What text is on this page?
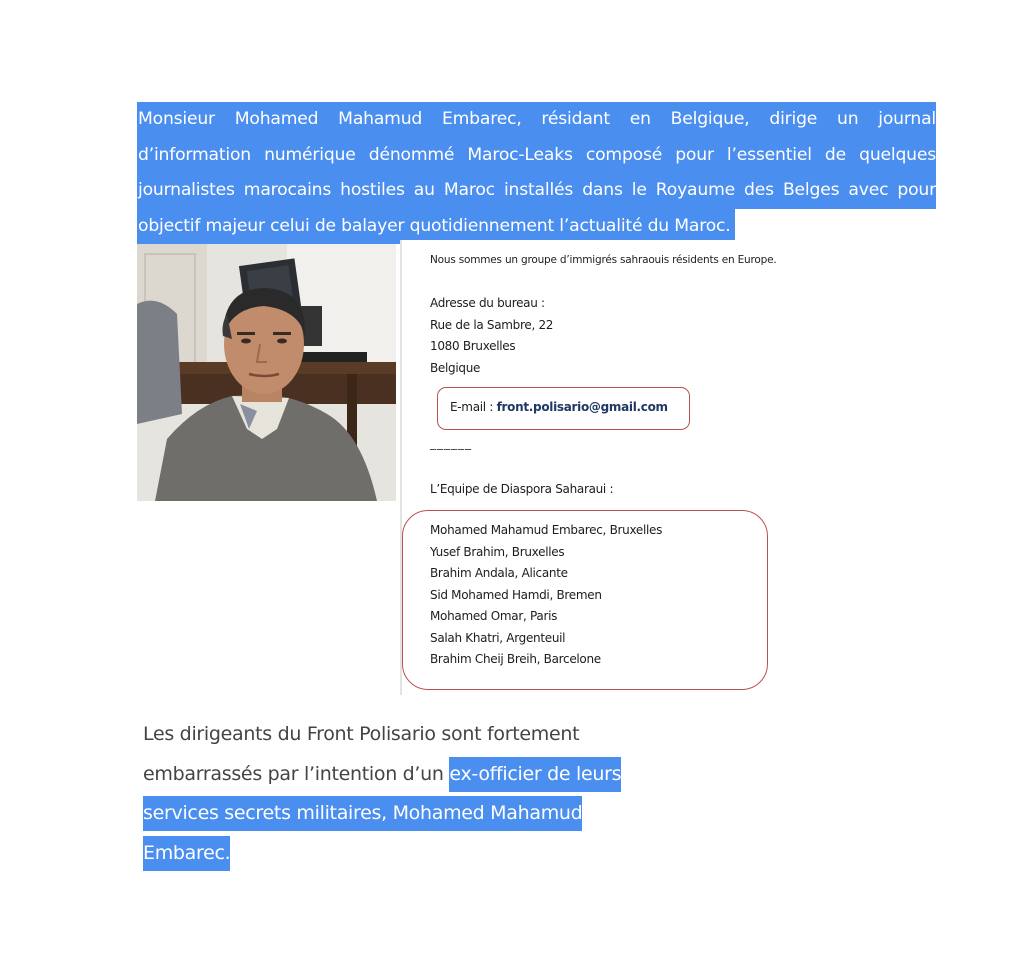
Monsieur Mohamed Mahamud Embarec, résidant en Belgique, dirige un journal
d’information numérique dénommé Maroc-Leaks composé pour l’essentiel de quelques
journalistes marocains hostiles au Maroc installés dans le Royaume des Belges avec pour
objectif majeur celui de balayer quotidiennement l’actualité du Maroc.
Nous sommes un groupe d’immigrés sahraouis résidents en Europe.
Adresse du bureau :
Rue de la Sambre, 22
1080 Bruxelles
Belgique
E-mail : front.polisario@gmail.com
______
L’Equipe de Diaspora Saharaui :
Mohamed Mahamud Embarec, Bruxelles
Yusef Brahim, Bruxelles
Brahim Andala, Alicante
Sid Mohamed Hamdi, Bremen
Mohamed Omar, Paris
Salah Khatri, Argenteuil
Brahim Cheij Breih, Barcelone
Les dirigeants du Front Polisario sont fortement
embarrassés par l’intention d’un ex-officier de leurs
services secrets militaires, Mohamed Mahamud
Embarec.
